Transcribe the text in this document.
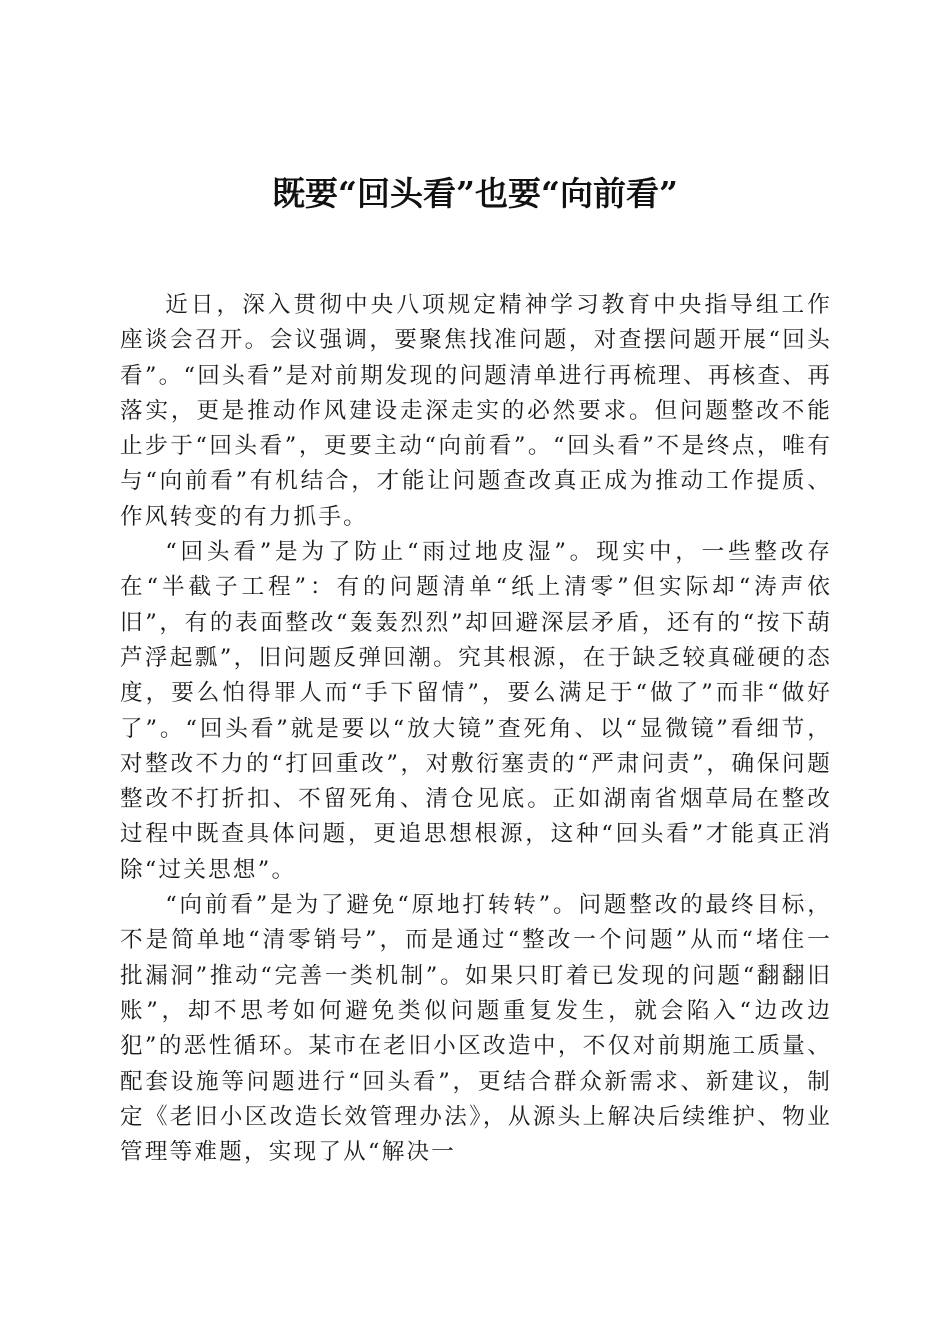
既要“回头看”也要“向前看”

近日，深入贯彻中央八项规定精神学习教育中央指导组工作座谈会召开。会议强调，要聚焦找准问题，对查摆问题开展“回头看”。“回头看”是对前期发现的问题清单进行再梳理、再核查、再落实，更是推动作风建设走深走实的必然要求。但问题整改不能止步于“回头看”，更要主动“向前看”。“回头看”不是终点，唯有与“向前看”有机结合，才能让问题查改真正成为推动工作提质、作风转变的有力抓手。

“回头看”是为了防止“雨过地皮湿”。现实中，一些整改存在“半截子工程”：有的问题清单“纸上清零”但实际却“涛声依旧”，有的表面整改“轰轰烈烈”却回避深层矛盾，还有的“按下葫芦浮起瓢”，旧问题反弹回潮。究其根源，在于缺乏较真碰硬的态度，要么怕得罪人而“手下留情”，要么满足于“做了”而非“做好了”。“回头看”就是要以“放大镜”查死角、以“显微镜”看细节，对整改不力的“打回重改”，对敷衍塞责的“严肃问责”，确保问题整改不打折扣、不留死角、清仓见底。正如湖南省烟草局在整改过程中既查具体问题，更追思想根源，这种“回头看”才能真正消除“过关思想”。

“向前看”是为了避免“原地打转转”。问题整改的最终目标，不是简单地“清零销号”，而是通过“整改一个问题”从而“堵住一批漏洞”推动“完善一类机制”。如果只盯着已发现的问题“翻翻旧账”，却不思考如何避免类似问题重复发生，就会陷入“边改边犯”的恶性循环。某市在老旧小区改造中，不仅对前期施工质量、配套设施等问题进行“回头看”，更结合群众新需求、新建议，制定《老旧小区改造长效管理办法》，从源头上解决后续维护、物业管理等难题，实现了从“解决一
